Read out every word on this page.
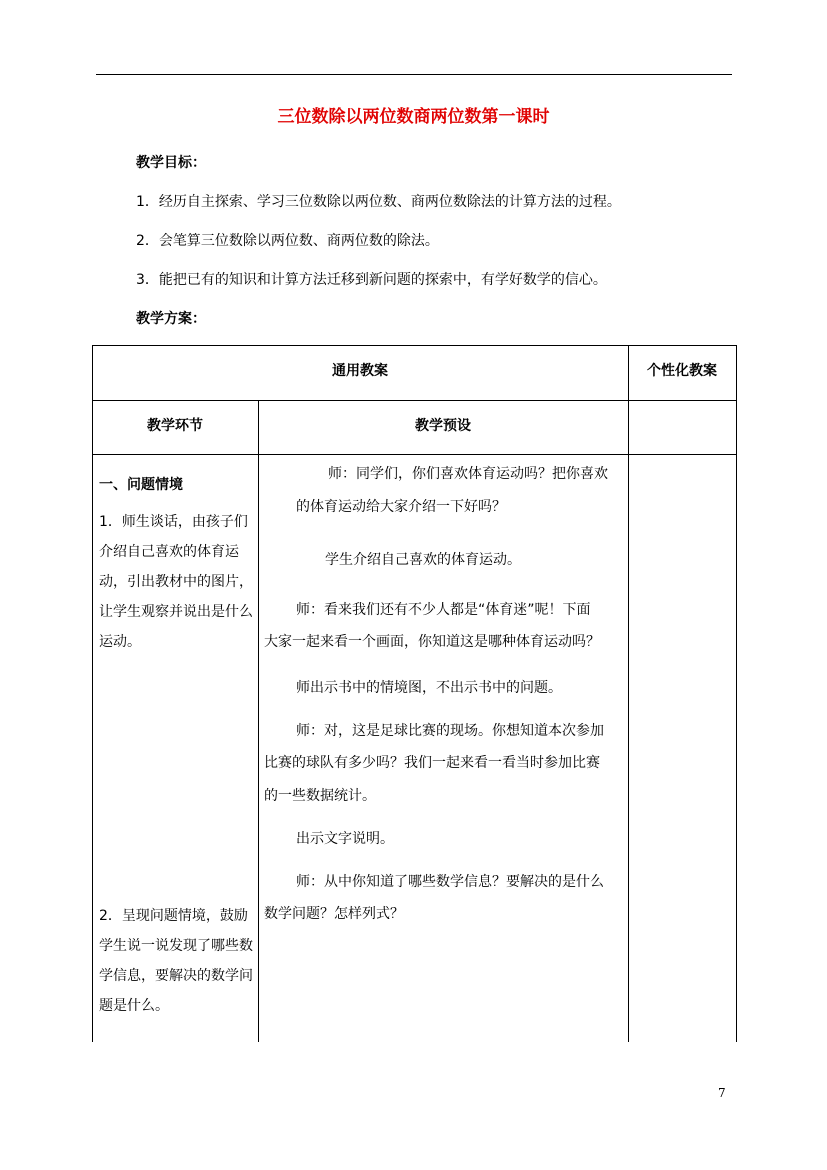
三位数除以两位数商两位数第一课时
教学目标：
1．经历自主探索、学习三位数除以两位数、商两位数除法的计算方法的过程。
2．会笔算三位数除以两位数、商两位数的除法。
3．能把已有的知识和计算方法迁移到新问题的探索中，有学好数学的信心。
教学方案：
通用教案	个性化教案
教学环节	教学预设
一、问题情境
1．师生谈话，由孩子们介绍自己喜欢的体育运动，引出教材中的图片，让学生观察并说出是什么运动。
2．呈现问题情境，鼓励学生说一说发现了哪些数学信息，要解决的数学问题是什么。
师：同学们，你们喜欢体育运动吗？把你喜欢
的体育运动给大家介绍一下好吗？
学生介绍自己喜欢的体育运动。
师：看来我们还有不少人都是“体育迷”呢！下面
大家一起来看一个画面，你知道这是哪种体育运动吗？
师出示书中的情境图，不出示书中的问题。
师：对，这是足球比赛的现场。你想知道本次参加
比赛的球队有多少吗？我们一起来看一看当时参加比赛
的一些数据统计。
出示文字说明。
师：从中你知道了哪些数学信息？要解决的是什么
数学问题？怎样列式？
7
